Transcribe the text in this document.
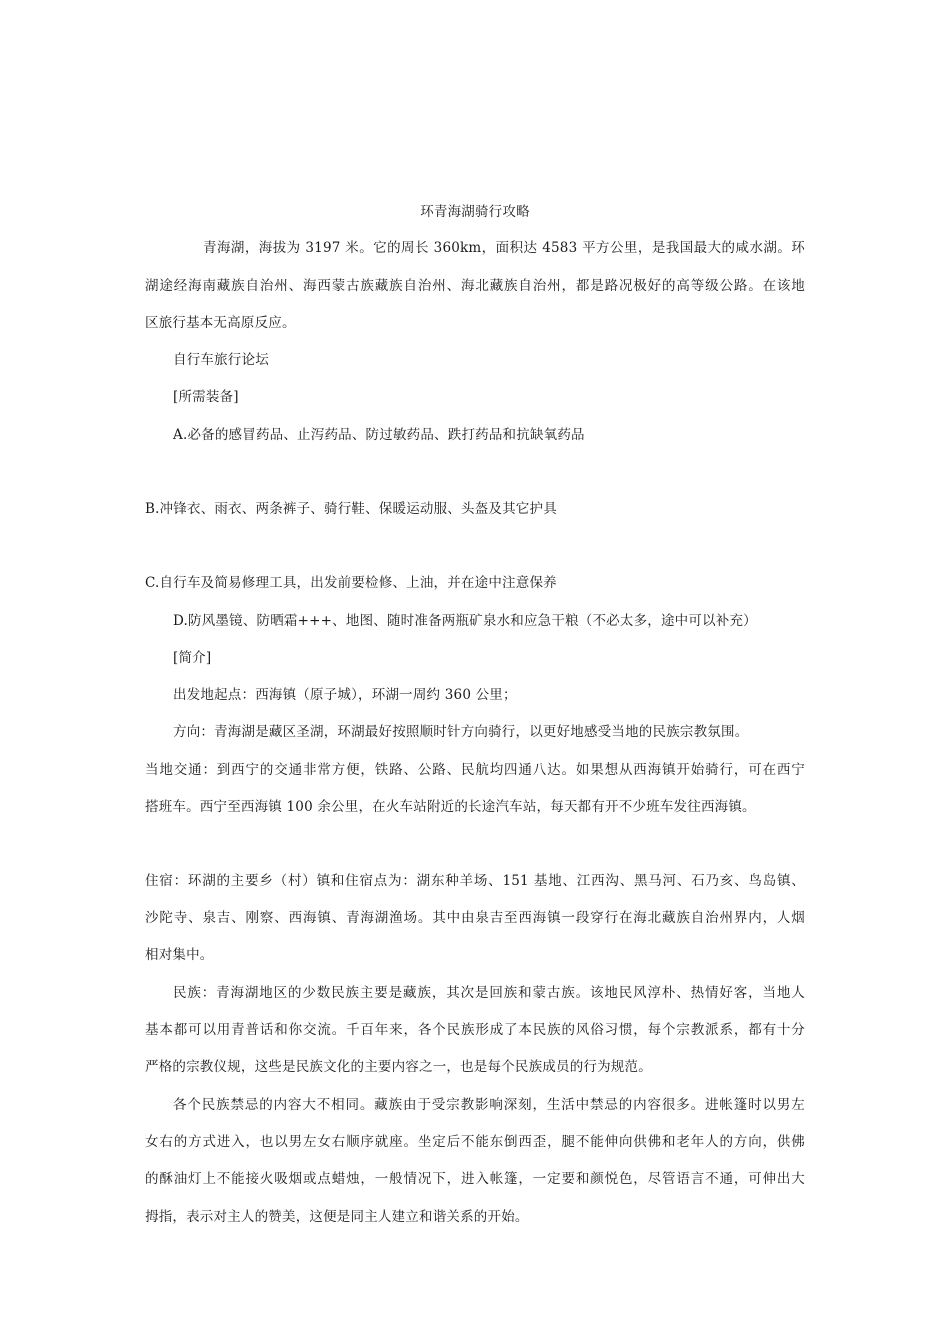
环青海湖骑行攻略
青海湖，海拔为 3197 米。它的周长 360km，面积达 4583 平方公里，是我国最大的咸水湖。环
湖途经海南藏族自治州、海西蒙古族藏族自治州、海北藏族自治州，都是路况极好的高等级公路。在该地
区旅行基本无高原反应。
自行车旅行论坛
[所需装备]
A.必备的感冒药品、止泻药品、防过敏药品、跌打药品和抗缺氧药品
B.冲锋衣、雨衣、两条裤子、骑行鞋、保暖运动服、头盔及其它护具
C.自行车及简易修理工具，出发前要检修、上油，并在途中注意保养
D.防风墨镜、防晒霜+++、地图、随时准备两瓶矿泉水和应急干粮（不必太多，途中可以补充）
[简介]
出发地起点：西海镇（原子城），环湖一周约 360 公里；
方向：青海湖是藏区圣湖，环湖最好按照顺时针方向骑行，以更好地感受当地的民族宗教氛围。
当地交通：到西宁的交通非常方便，铁路、公路、民航均四通八达。如果想从西海镇开始骑行，可在西宁
搭班车。西宁至西海镇 100 余公里，在火车站附近的长途汽车站，每天都有开不少班车发往西海镇。
住宿：环湖的主要乡（村）镇和住宿点为：湖东种羊场、151 基地、江西沟、黑马河、石乃亥、鸟岛镇、
沙陀寺、泉吉、刚察、西海镇、青海湖渔场。其中由泉吉至西海镇一段穿行在海北藏族自治州界内，人烟
相对集中。
民族：青海湖地区的少数民族主要是藏族，其次是回族和蒙古族。该地民风淳朴、热情好客，当地人
基本都可以用青普话和你交流。千百年来，各个民族形成了本民族的风俗习惯，每个宗教派系，都有十分
严格的宗教仪规，这些是民族文化的主要内容之一，也是每个民族成员的行为规范。
各个民族禁忌的内容大不相同。藏族由于受宗教影响深刻，生活中禁忌的内容很多。进帐篷时以男左
女右的方式进入，也以男左女右顺序就座。坐定后不能东倒西歪，腿不能伸向供佛和老年人的方向，供佛
的酥油灯上不能接火吸烟或点蜡烛，一般情况下，进入帐篷，一定要和颜悦色，尽管语言不通，可伸出大
拇指，表示对主人的赞美，这便是同主人建立和谐关系的开始。
